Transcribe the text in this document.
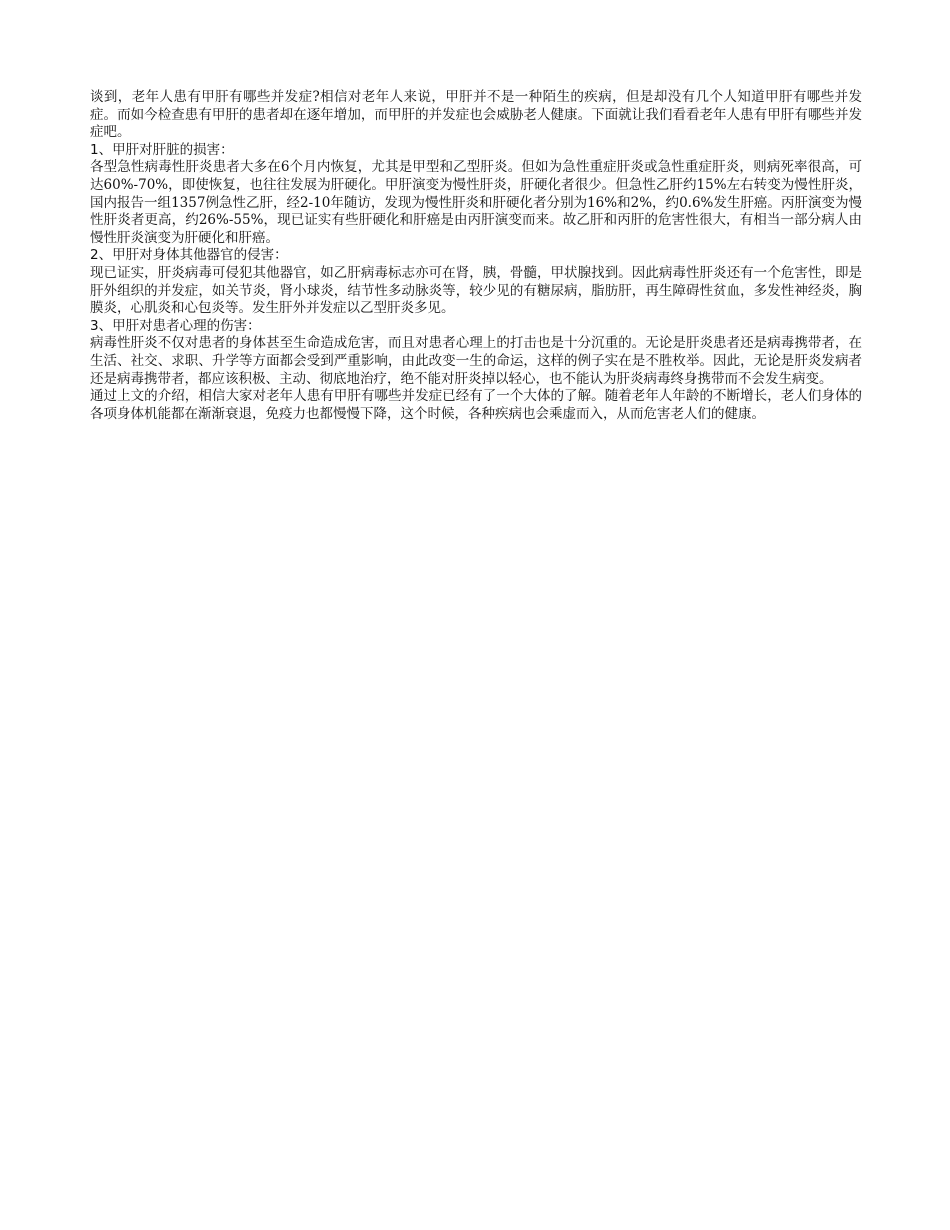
谈到，老年人患有甲肝有哪些并发症?相信对老年人来说，甲肝并不是一种陌生的疾病，但是却没有几个人知道甲肝有哪些并发症。而如今检查患有甲肝的患者却在逐年增加，而甲肝的并发症也会威胁老人健康。下面就让我们看看老年人患有甲肝有哪些并发症吧。

1、甲肝对肝脏的损害：

各型急性病毒性肝炎患者大多在6个月内恢复，尤其是甲型和乙型肝炎。但如为急性重症肝炎或急性重症肝炎，则病死率很高，可达60%-70%，即使恢复，也往往发展为肝硬化。甲肝演变为慢性肝炎，肝硬化者很少。但急性乙肝约15%左右转变为慢性肝炎，国内报告一组1357例急性乙肝，经2-10年随访，发现为慢性肝炎和肝硬化者分别为16%和2%，约0.6%发生肝癌。丙肝演变为慢性肝炎者更高，约26%-55%，现已证实有些肝硬化和肝癌是由丙肝演变而来。故乙肝和丙肝的危害性很大，有相当一部分病人由慢性肝炎演变为肝硬化和肝癌。

2、甲肝对身体其他器官的侵害：

现已证实，肝炎病毒可侵犯其他器官，如乙肝病毒标志亦可在肾，胰，骨髓，甲状腺找到。因此病毒性肝炎还有一个危害性，即是肝外组织的并发症，如关节炎，肾小球炎，结节性多动脉炎等，较少见的有糖尿病，脂肪肝，再生障碍性贫血，多发性神经炎，胸膜炎，心肌炎和心包炎等。发生肝外并发症以乙型肝炎多见。

3、甲肝对患者心理的伤害：

病毒性肝炎不仅对患者的身体甚至生命造成危害，而且对患者心理上的打击也是十分沉重的。无论是肝炎患者还是病毒携带者，在生活、社交、求职、升学等方面都会受到严重影响，由此改变一生的命运，这样的例子实在是不胜枚举。因此，无论是肝炎发病者还是病毒携带者，都应该积极、主动、彻底地治疗，绝不能对肝炎掉以轻心，也不能认为肝炎病毒终身携带而不会发生病变。

通过上文的介绍，相信大家对老年人患有甲肝有哪些并发症已经有了一个大体的了解。随着老年人年龄的不断增长，老人们身体的各项身体机能都在渐渐衰退，免疫力也都慢慢下降，这个时候，各种疾病也会乘虚而入，从而危害老人们的健康。
